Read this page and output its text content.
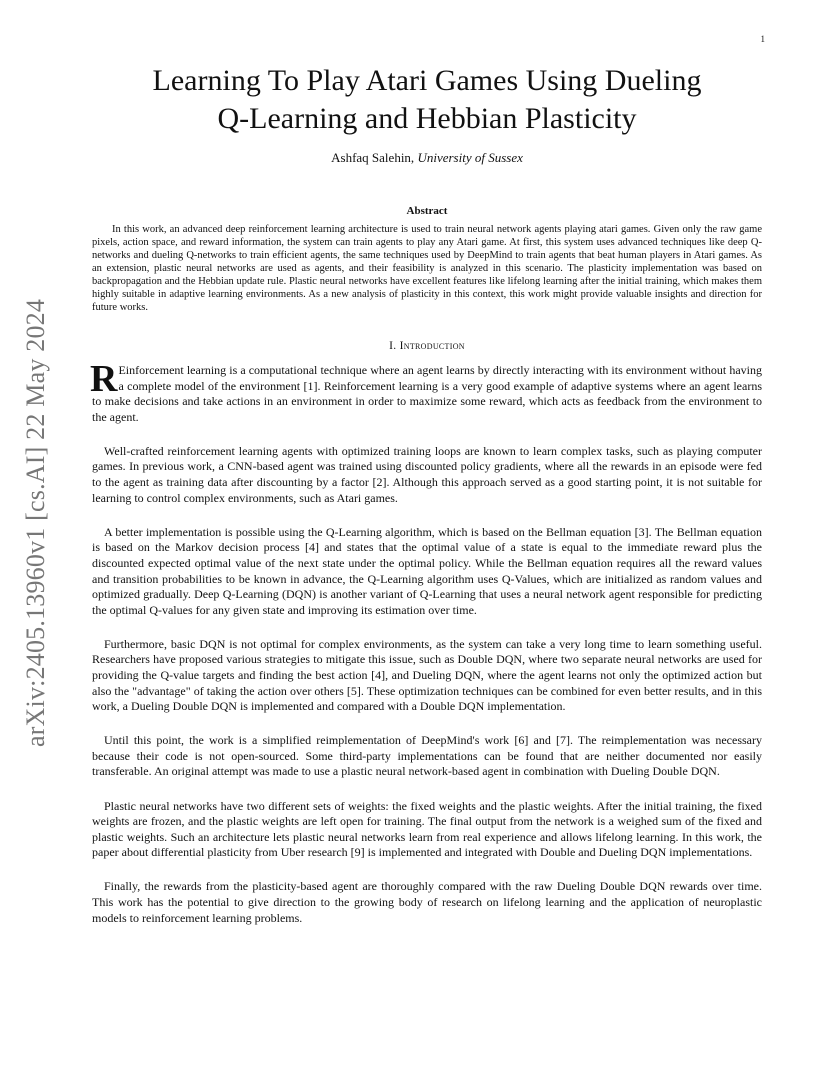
1
arXiv:2405.13960v1 [cs.AI] 22 May 2024
Learning To Play Atari Games Using Dueling
Q-Learning and Hebbian Plasticity
Ashfaq Salehin, University of Sussex
Abstract

In this work, an advanced deep reinforcement learning architecture is used to train neural network agents playing atari games. Given only the raw game pixels, action space, and reward information, the system can train agents to play any Atari game. At first, this system uses advanced techniques like deep Q-networks and dueling Q-networks to train efficient agents, the same techniques used by DeepMind to train agents that beat human players in Atari games. As an extension, plastic neural networks are used as agents, and their feasibility is analyzed in this scenario. The plasticity implementation was based on backpropagation and the Hebbian update rule. Plastic neural networks have excellent features like lifelong learning after the initial training, which makes them highly suitable in adaptive learning environments. As a new analysis of plasticity in this context, this work might provide valuable insights and direction for future works.

I. Introduction

R Einforcement learning is a computational technique where an agent learns by directly interacting with its environment without having a complete model of the environment [1]. Reinforcement learning is a very good example of adaptive systems where an agent learns to make decisions and take actions in an environment in order to maximize some reward, which acts as feedback from the environment to the agent.

Well-crafted reinforcement learning agents with optimized training loops are known to learn complex tasks, such as playing computer games. In previous work, a CNN-based agent was trained using discounted policy gradients, where all the rewards in an episode were fed to the agent as training data after discounting by a factor [2]. Although this approach served as a good starting point, it is not suitable for learning to control complex environments, such as Atari games.

A better implementation is possible using the Q-Learning algorithm, which is based on the Bellman equation [3]. The Bellman equation is based on the Markov decision process [4] and states that the optimal value of a state is equal to the immediate reward plus the discounted expected optimal value of the next state under the optimal policy. While the Bellman equation requires all the reward values and transition probabilities to be known in advance, the Q-Learning algorithm uses Q-Values, which are initialized as random values and optimized gradually. Deep Q-Learning (DQN) is another variant of Q-Learning that uses a neural network agent responsible for predicting the optimal Q-values for any given state and improving its estimation over time.

Furthermore, basic DQN is not optimal for complex environments, as the system can take a very long time to learn something useful. Researchers have proposed various strategies to mitigate this issue, such as Double DQN, where two separate neural networks are used for providing the Q-value targets and finding the best action [4], and Dueling DQN, where the agent learns not only the optimized action but also the "advantage" of taking the action over others [5]. These optimization techniques can be combined for even better results, and in this work, a Dueling Double DQN is implemented and compared with a Double DQN implementation.

Until this point, the work is a simplified reimplementation of DeepMind's work [6] and [7]. The reimplementation was necessary because their code is not open-sourced. Some third-party implementations can be found that are neither documented nor easily transferable. An original attempt was made to use a plastic neural network-based agent in combination with Dueling Double DQN.

Plastic neural networks have two different sets of weights: the fixed weights and the plastic weights. After the initial training, the fixed weights are frozen, and the plastic weights are left open for training. The final output from the network is a weighed sum of the fixed and plastic weights. Such an architecture lets plastic neural networks learn from real experience and allows lifelong learning. In this work, the paper about differential plasticity from Uber research [9] is implemented and integrated with Double and Dueling DQN implementations.

Finally, the rewards from the plasticity-based agent are thoroughly compared with the raw Dueling Double DQN rewards over time. This work has the potential to give direction to the growing body of research on lifelong learning and the application of neuroplastic models to reinforcement learning problems.
